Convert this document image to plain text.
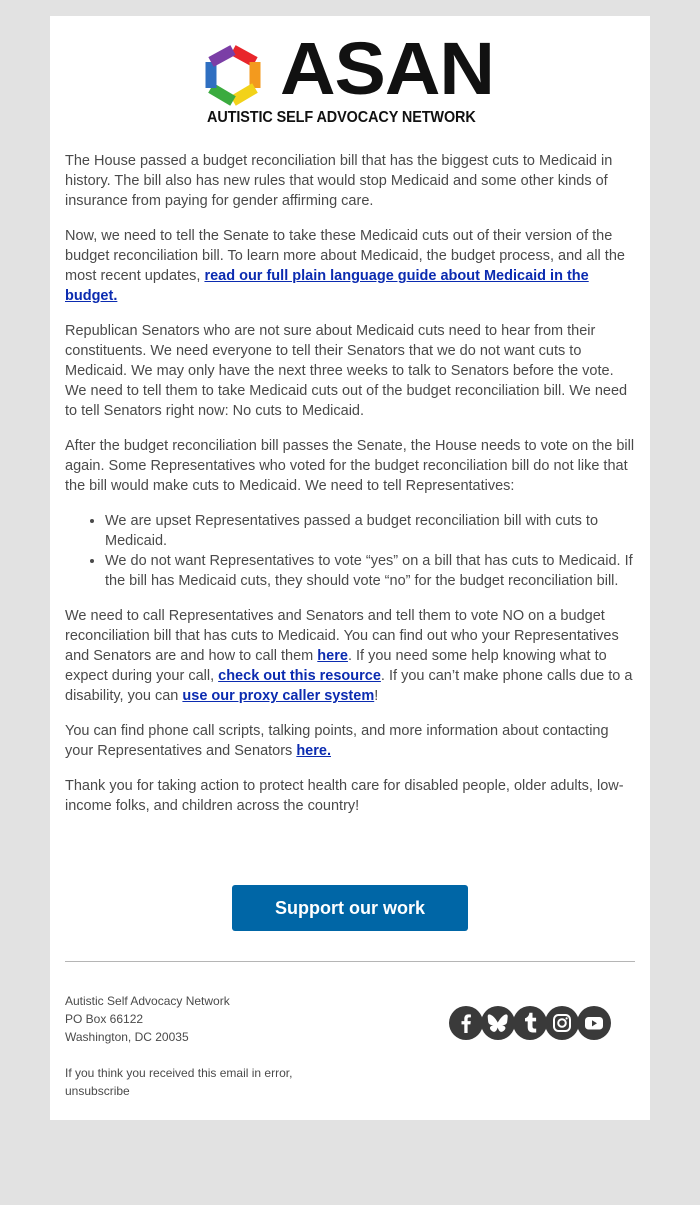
ASAN
AUTISTIC SELF ADVOCACY NETWORK

The House passed a budget reconciliation bill that has the biggest cuts to Medicaid in history. The bill also has new rules that would stop Medicaid and some other kinds of insurance from paying for gender affirming care.

Now, we need to tell the Senate to take these Medicaid cuts out of their version of the budget reconciliation bill. To learn more about Medicaid, the budget process, and all the most recent updates, read our full plain language guide about Medicaid in the budget.

Republican Senators who are not sure about Medicaid cuts need to hear from their constituents. We need everyone to tell their Senators that we do not want cuts to Medicaid. We may only have the next three weeks to talk to Senators before the vote. We need to tell them to take Medicaid cuts out of the budget reconciliation bill. We need to tell Senators right now: No cuts to Medicaid.

After the budget reconciliation bill passes the Senate, the House needs to vote on the bill again. Some Representatives who voted for the budget reconciliation bill do not like that the bill would make cuts to Medicaid. We need to tell Representatives:

• We are upset Representatives passed a budget reconciliation bill with cuts to Medicaid.
• We do not want Representatives to vote “yes” on a bill that has cuts to Medicaid. If the bill has Medicaid cuts, they should vote “no” for the budget reconciliation bill.

We need to call Representatives and Senators and tell them to vote NO on a budget reconciliation bill that has cuts to Medicaid. You can find out who your Representatives and Senators are and how to call them here. If you need some help knowing what to expect during your call, check out this resource. If you can’t make phone calls due to a disability, you can use our proxy caller system!

You can find phone call scripts, talking points, and more information about contacting your Representatives and Senators here.

Thank you for taking action to protect health care for disabled people, older adults, low-income folks, and children across the country!

Support our work
Autistic Self Advocacy Network
PO Box 66122
Washington, DC 20035
If you think you received this email in error,
unsubscribe
